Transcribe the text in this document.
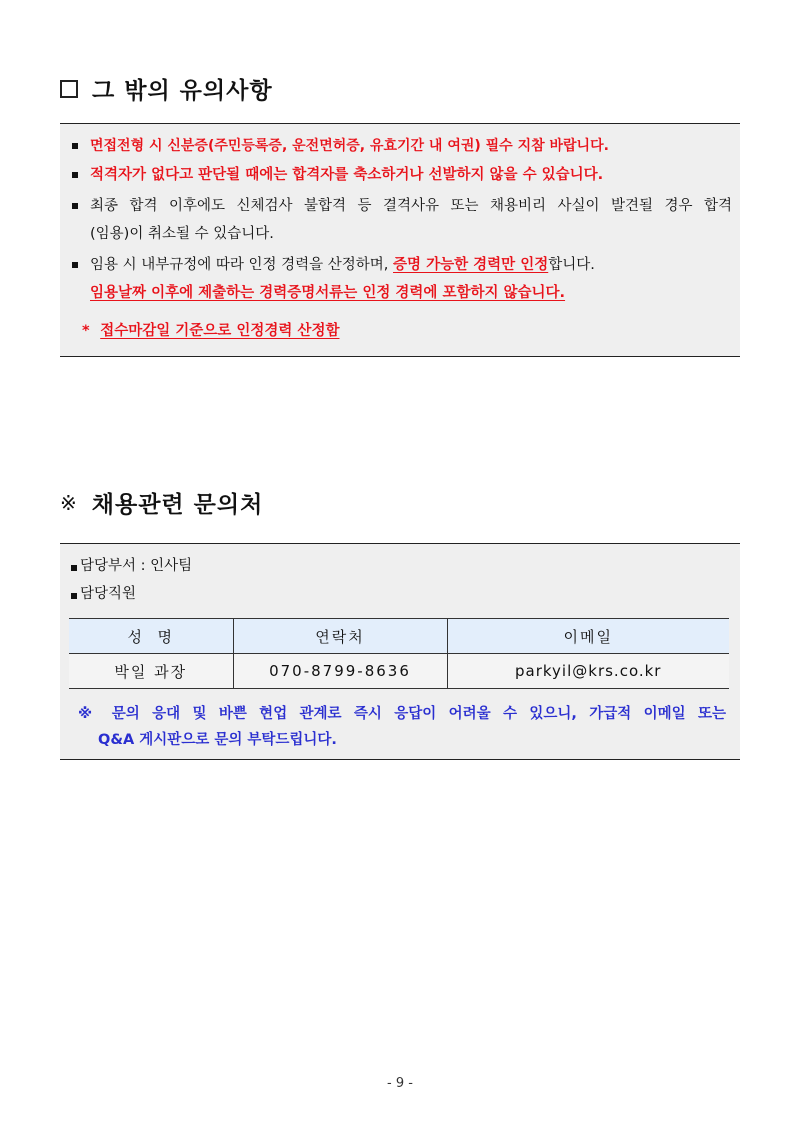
그 밖의 유의사항
면접전형 시 신분증(주민등록증, 운전면허증, 유효기간 내 여권) 필수 지참 바랍니다.
적격자가 없다고 판단될 때에는 합격자를 축소하거나 선발하지 않을 수 있습니다.
최종 합격 이후에도 신체검사 불합격 등 결격사유 또는 채용비리 사실이 발견될 경우 합격
(임용)이 취소될 수 있습니다.
임용 시 내부규정에 따라 인정 경력을 산정하며, 증명 가능한 경력만 인정합니다.
임용날짜 이후에 제출하는 경력증명서류는 인정 경력에 포함하지 않습니다.
* 접수마감일 기준으로 인정경력 산정함
※ 채용관련 문의처
담당부서 : 인사팀
담당직원
※ 문의 응대 및 바쁜 현업 관계로 즉시 응답이 어려울 수 있으니, 가급적 이메일 또는
Q&A 게시판으로 문의 부탁드립니다.
성  명	연락처	이메일
박일 과장	070-8799-8636	parkyil@krs.co.kr
- 9 -
